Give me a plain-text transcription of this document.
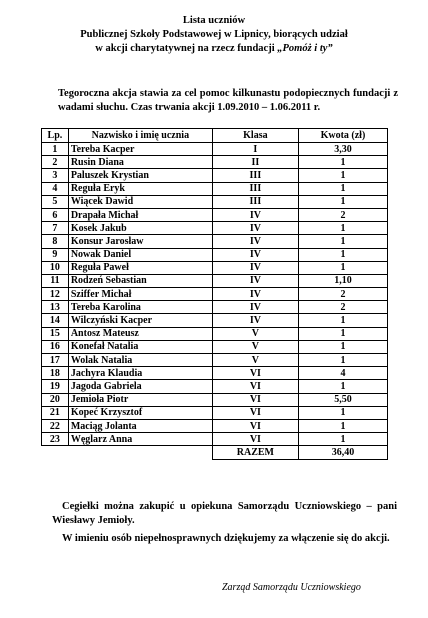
Lista uczniów
Publicznej Szkoły Podstawowej w Lipnicy, biorących udział
w akcji charytatywnej na rzecz fundacji „Pomóż i ty”
Tegoroczna akcja stawia za cel pomoc kilkunastu podopiecznych fundacji z wadami słuchu. Czas trwania akcji 1.09.2010 – 1.06.2011 r.
Lp.	Nazwisko i imię ucznia	Klasa	Kwota (zł)
1	Tereba Kacper	I	3,30
2	Rusin Diana	II	1
3	Paluszek Krystian	III	1
4	Reguła Eryk	III	1
5	Wiącek Dawid	III	1
6	Drapała Michał	IV	2
7	Kosek Jakub	IV	1
8	Konsur Jarosław	IV	1
9	Nowak Daniel	IV	1
10	Reguła Paweł	IV	1
11	Rodzeń Sebastian	IV	1,10
12	Sziffer Michał	IV	2
13	Tereba Karolina	IV	2
14	Wilczyński Kacper	IV	1
15	Antosz Mateusz	V	1
16	Konefał Natalia	V	1
17	Wolak Natalia	V	1
18	Jachyra Klaudia	VI	4
19	Jagoda Gabriela	VI	1
20	Jemioła Piotr	VI	5,50
21	Kopeć Krzysztof	VI	1
22	Maciąg Jolanta	VI	1
23	Węglarz Anna	VI	1
		RAZEM	36,40
Cegiełki można zakupić u opiekuna Samorządu Uczniowskiego – pani Wiesławy Jemioły.
W imieniu osób niepełnosprawnych dziękujemy za włączenie się do akcji.
Zarząd Samorządu Uczniowskiego
